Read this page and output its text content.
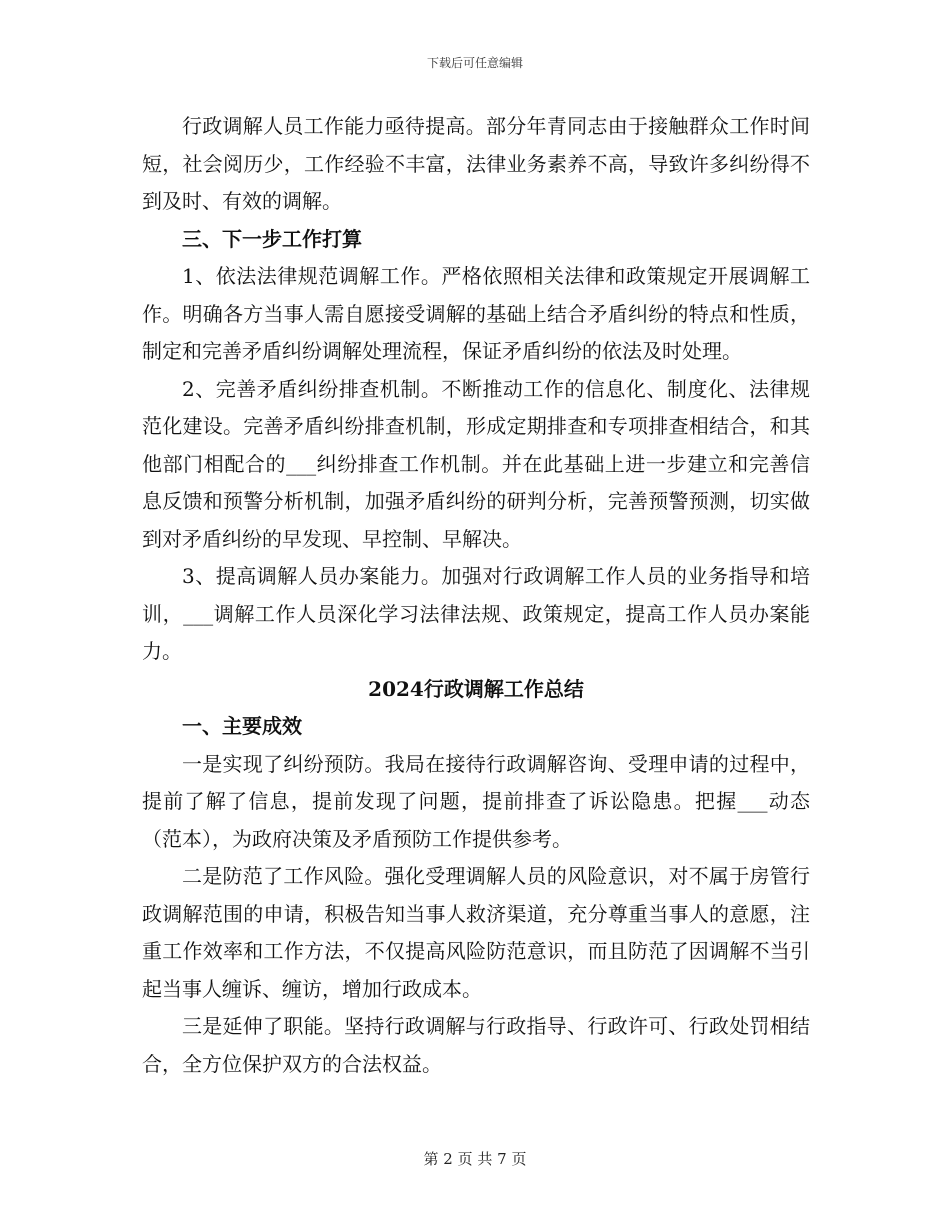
下载后可任意编辑

行政调解人员工作能力亟待提高。部分年青同志由于接触群众工作时间短，社会阅历少，工作经验不丰富，法律业务素养不高，导致许多纠纷得不到及时、有效的调解。

三、下一步工作打算

1、依法法律规范调解工作。严格依照相关法律和政策规定开展调解工作。明确各方当事人需自愿接受调解的基础上结合矛盾纠纷的特点和性质，制定和完善矛盾纠纷调解处理流程，保证矛盾纠纷的依法及时处理。

2、完善矛盾纠纷排查机制。不断推动工作的信息化、制度化、法律规范化建设。完善矛盾纠纷排查机制，形成定期排查和专项排查相结合，和其他部门相配合的___纠纷排查工作机制。并在此基础上进一步建立和完善信息反馈和预警分析机制，加强矛盾纠纷的研判分析，完善预警预测，切实做到对矛盾纠纷的早发现、早控制、早解决。

3、提高调解人员办案能力。加强对行政调解工作人员的业务指导和培训，___调解工作人员深化学习法律法规、政策规定，提高工作人员办案能力。

2024行政调解工作总结

一、主要成效

一是实现了纠纷预防。我局在接待行政调解咨询、受理申请的过程中，提前了解了信息，提前发现了问题，提前排查了诉讼隐患。把握___动态（范本），为政府决策及矛盾预防工作提供参考。

二是防范了工作风险。强化受理调解人员的风险意识，对不属于房管行政调解范围的申请，积极告知当事人救济渠道，充分尊重当事人的意愿，注重工作效率和工作方法，不仅提高风险防范意识，而且防范了因调解不当引起当事人缠诉、缠访，增加行政成本。

三是延伸了职能。坚持行政调解与行政指导、行政许可、行政处罚相结合，全方位保护双方的合法权益。

第 2 页 共 7 页
